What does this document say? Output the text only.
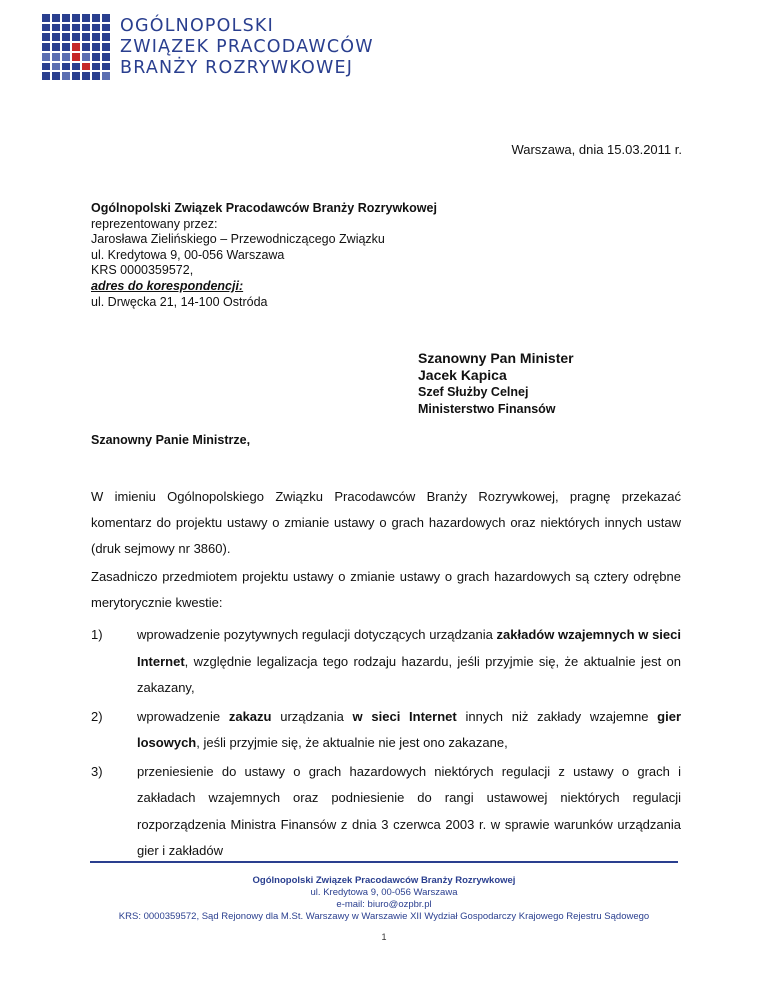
OGÓLNOPOLSKI
ZWIĄZEK PRACODAWCÓW
BRANŻY ROZRYWKOWEJ
Warszawa, dnia 15.03.2011 r.
Ogólnopolski Związek Pracodawców Branży Rozrywkowej
reprezentowany przez:
Jarosława Zielińskiego – Przewodniczącego Związku
ul. Kredytowa 9, 00-056 Warszawa
KRS 0000359572,
adres do korespondencji:
ul. Drwęcka 21, 14-100 Ostróda
Szanowny Pan Minister
Jacek Kapica
Szef Służby Celnej
Ministerstwo Finansów
Szanowny Panie Ministrze,
W imieniu Ogólnopolskiego Związku Pracodawców Branży Rozrywkowej, pragnę przekazać komentarz do projektu ustawy o zmianie ustawy o grach hazardowych oraz niektórych innych ustaw (druk sejmowy nr 3860).
Zasadniczo przedmiotem projektu ustawy o zmianie ustawy o grach hazardowych są cztery odrębne merytorycznie kwestie:
1)	wprowadzenie pozytywnych regulacji dotyczących urządzania zakładów wzajemnych w sieci Internet, względnie legalizacja tego rodzaju hazardu, jeśli przyjmie się, że aktualnie jest on zakazany,
2)	wprowadzenie zakazu urządzania w sieci Internet innych niż zakłady wzajemne gier losowych, jeśli przyjmie się, że aktualnie nie jest ono zakazane,
3)	przeniesienie do ustawy o grach hazardowych niektórych regulacji z ustawy o grach i zakładach wzajemnych oraz podniesienie do rangi ustawowej niektórych regulacji rozporządzenia Ministra Finansów z dnia 3 czerwca 2003 r. w sprawie warunków urządzania gier i zakładów
Ogólnopolski Związek Pracodawców Branży Rozrywkowej
ul. Kredytowa 9, 00-056 Warszawa
e-mail: biuro@ozpbr.pl
KRS: 0000359572, Sąd Rejonowy dla M.St. Warszawy w Warszawie XII Wydział Gospodarczy Krajowego Rejestru Sądowego
1
